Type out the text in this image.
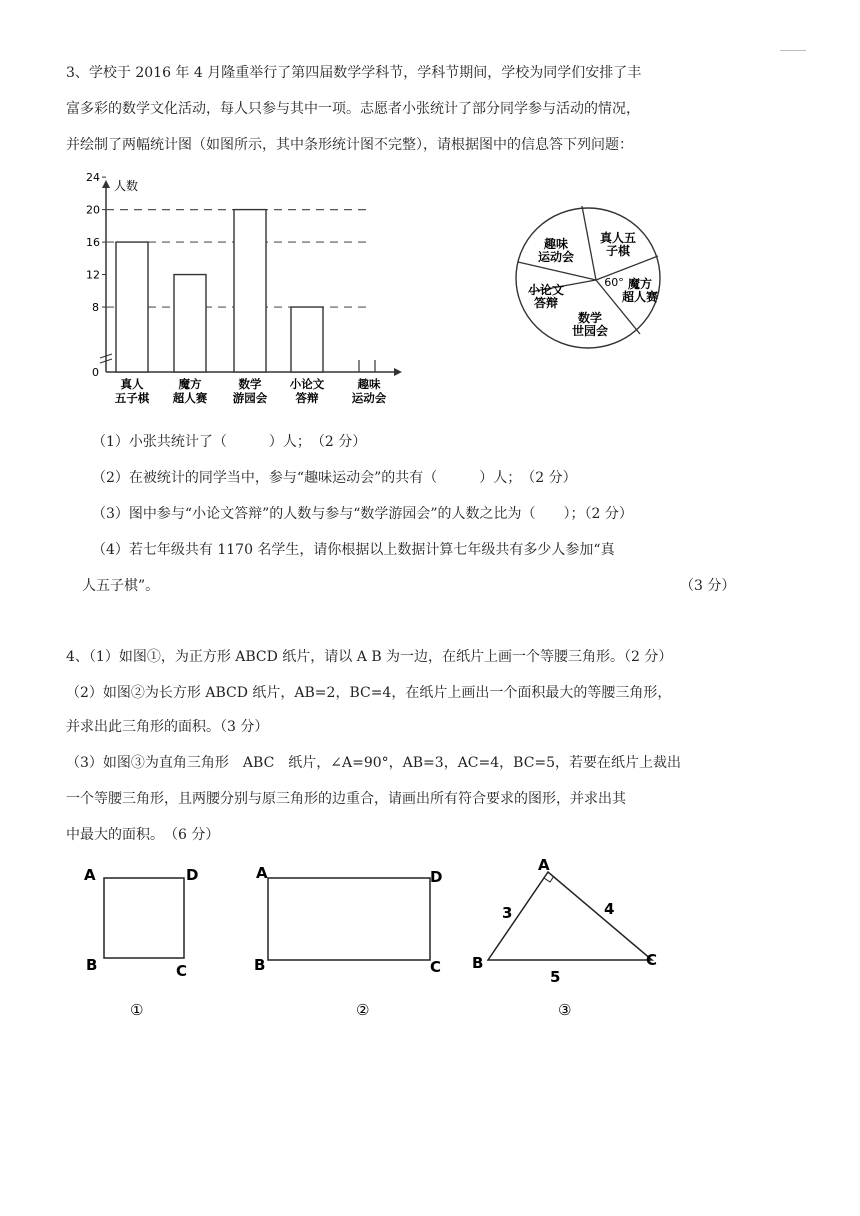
3、学校于 2016 年 4 月隆重举行了第四届数学学科节，学科节期间，学校为同学们安排了丰
富多彩的数学文化活动，每人只参与其中一项。志愿者小张统计了部分同学参与活动的情况，
并绘制了两幅统计图（如图所示，其中条形统计图不完整），请根据图中的信息答下列问题：
人数
0
8
12
16
20
24
真人
五子棋
魔方
超人赛
数学
游园会
小论文
答辩
趣味
运动会
真人五
子棋
魔方
超人赛
60°
数学
世园会
小论文
答辩
趣味
运动会
（1）小张共统计了（　　　）人；　（2 分）
（2）在被统计的同学当中，参与“趣味运动会”的共有（　　　）人；　（2 分）
（3）图中参与“小论文答辩”的人数与参与“数学游园会”的人数之比为（　　）；（2 分）
（4）若七年级共有 1170 名学生，请你根据以上数据计算七年级共有多少人参加“真
人五子棋”。	（3 分）
4、（1）如图①，为正方形 ABCD 纸片，请以 A B 为一边，在纸片上画一个等腰三角形。（2 分）
（2）如图②为长方形 ABCD 纸片，AB=2，BC=4，在纸片上画出一个面积最大的等腰三角形，
并求出此三角形的面积。（3 分）
（3）如图③为直角三角形　ABC　纸片，∠A=90°，AB=3，AC=4，BC=5，若要在纸片上裁出
一个等腰三角形，且两腰分别与原三角形的边重合，请画出所有符合要求的图形，并求出其
中最大的面积。　（6 分）
A	D
B	C
①
A	D
B	C
②
A
B	C
3	4
5
③
